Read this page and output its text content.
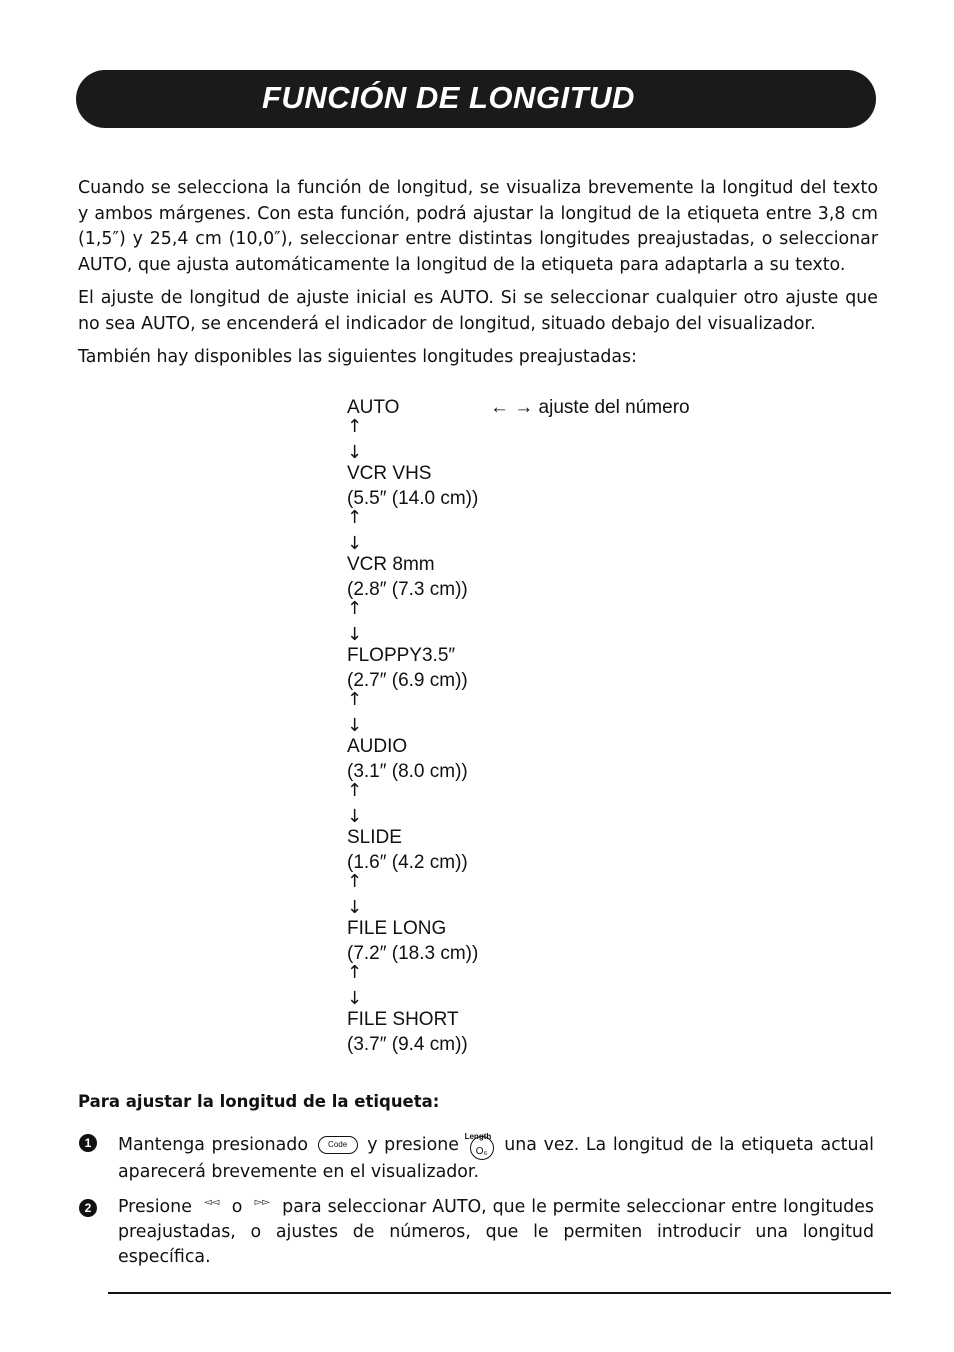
FUNCIÓN DE LONGITUD

Cuando se selecciona la función de longitud, se visualiza brevemente la longitud del texto y ambos márgenes. Con esta función, podrá ajustar la longitud de la etiqueta entre 3,8 cm (1,5″) y 25,4 cm (10,0″), seleccionar entre distintas longitudes preajustadas, o seleccionar AUTO, que ajusta automáticamente la longitud de la etiqueta para adaptarla a su texto.

El ajuste de longitud de ajuste inicial es AUTO. Si se seleccionar cualquier otro ajuste que no sea AUTO, se encenderá el indicador de longitud, situado debajo del visualizador.

También hay disponibles las siguientes longitudes preajustadas:

AUTO	← → ajuste del número
↑
↓
VCR VHS
(5.5″ (14.0 cm))
↑
↓
VCR 8mm
(2.8″ (7.3 cm))
↑
↓
FLOPPY3.5″
(2.7″ (6.9 cm))
↑
↓
AUDIO
(3.1″ (8.0 cm))
↑
↓
SLIDE
(1.6″ (4.2 cm))
↑
↓
FILE LONG
(7.2″ (18.3 cm))
↑
↓
FILE SHORT
(3.7″ (9.4 cm))
Para ajustar la longitud de la etiqueta:
1	Mantenga presionado	Code y presione Length
O₆ una vez. La longitud de la etiqueta actual aparecerá brevemente en el visualizador.

2	Presione ◅◅ o ▻▻ para seleccionar AUTO, que le permite seleccionar entre longitudes preajustadas, o ajustes de números, que le permiten introducir una longitud específica.
